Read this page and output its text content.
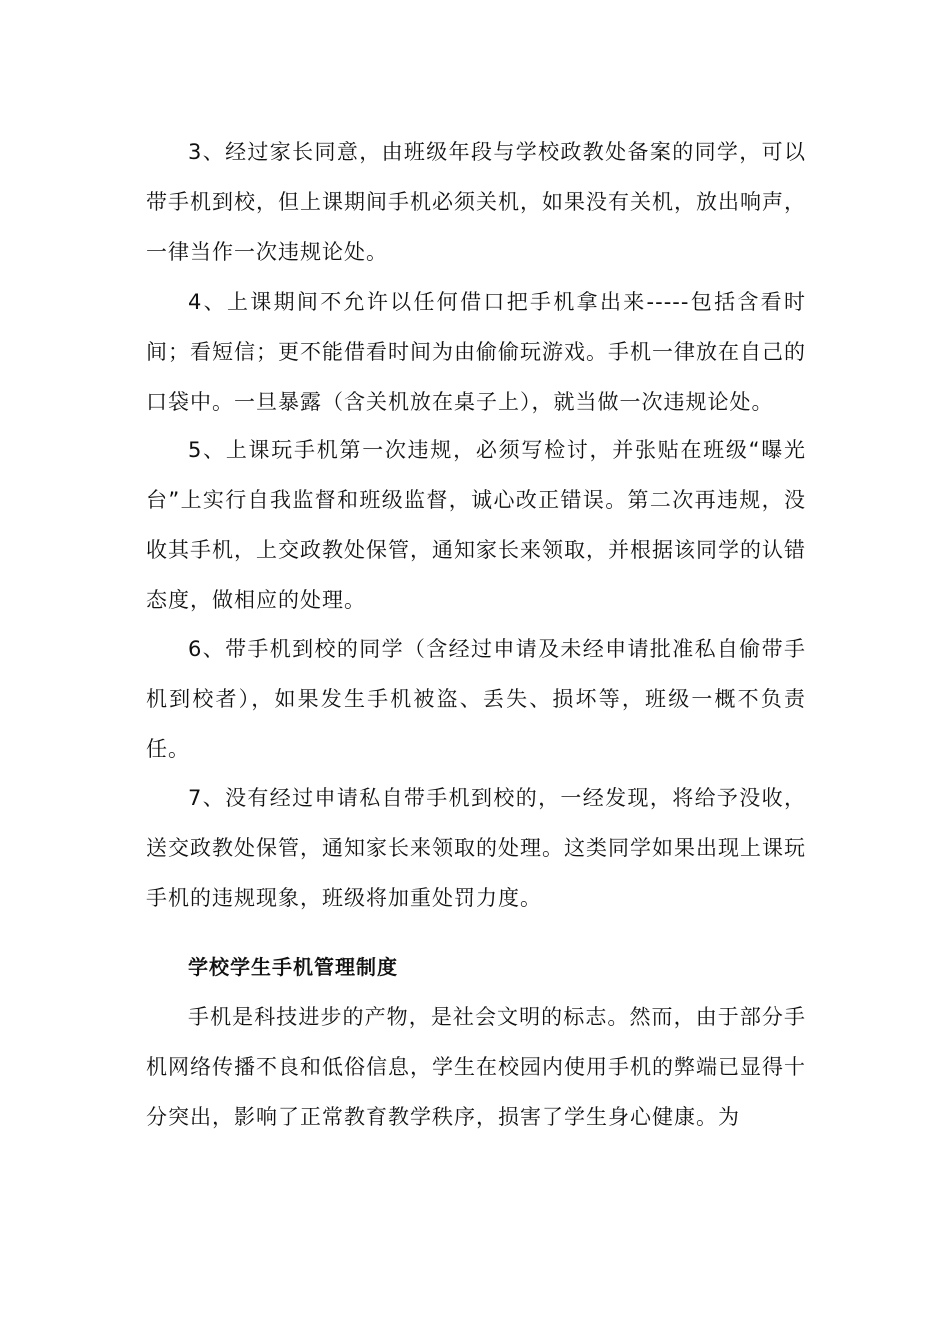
3、经过家长同意，由班级年段与学校政教处备案的同学，可以带手机到校，但上课期间手机必须关机，如果没有关机，放出响声，一律当作一次违规论处。

4、上课期间不允许以任何借口把手机拿出来-----包括含看时间；看短信；更不能借看时间为由偷偷玩游戏。手机一律放在自己的口袋中。一旦暴露（含关机放在桌子上），就当做一次违规论处。

5、上课玩手机第一次违规，必须写检讨，并张贴在班级“曝光台”上实行自我监督和班级监督，诚心改正错误。第二次再违规，没收其手机，上交政教处保管，通知家长来领取，并根据该同学的认错态度，做相应的处理。

6、带手机到校的同学（含经过申请及未经申请批准私自偷带手机到校者），如果发生手机被盗、丢失、损坏等，班级一概不负责任。

7、没有经过申请私自带手机到校的，一经发现，将给予没收，送交政教处保管，通知家长来领取的处理。这类同学如果出现上课玩手机的违规现象，班级将加重处罚力度。

学校学生手机管理制度

手机是科技进步的产物，是社会文明的标志。然而，由于部分手机网络传播不良和低俗信息，学生在校园内使用手机的弊端已显得十分突出，影响了正常教育教学秩序，损害了学生身心健康。为
